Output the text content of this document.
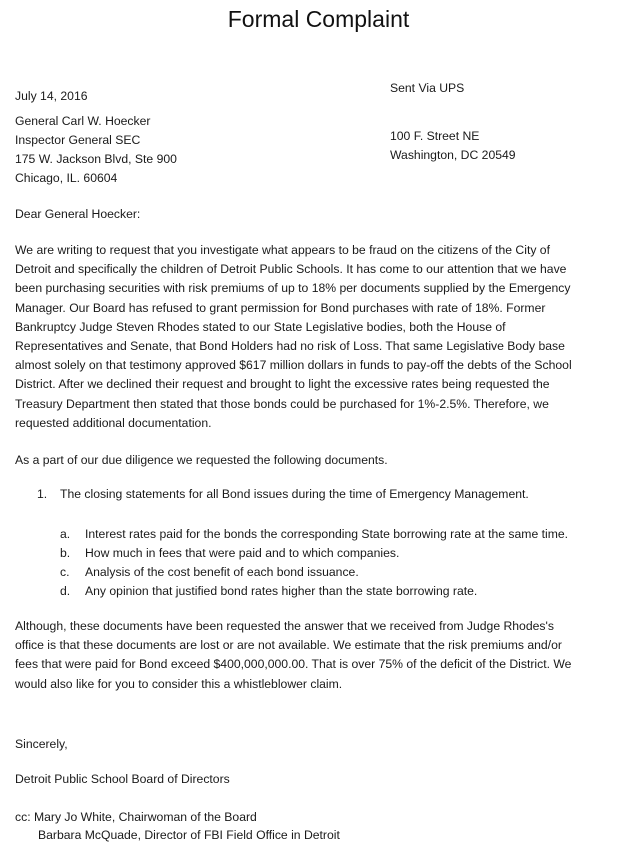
Formal Complaint
July 14, 2016
Sent Via UPS
General Carl W. Hoecker
Inspector General SEC
175 W. Jackson Blvd, Ste 900
Chicago, IL. 60604
100 F. Street NE
Washington, DC 20549
Dear General Hoecker:
We are writing to request that you investigate what appears to be fraud on the citizens of the City of
Detroit and specifically the children of Detroit Public Schools. It has come to our attention that we have
been purchasing securities with risk premiums of up to 18% per documents supplied by the Emergency
Manager. Our Board has refused to grant permission for Bond purchases with rate of 18%. Former
Bankruptcy Judge Steven Rhodes stated to our State Legislative bodies, both the House of
Representatives and Senate, that Bond Holders had no risk of Loss. That same Legislative Body base
almost solely on that testimony approved $617 million dollars in funds to pay-off the debts of the School
District. After we declined their request and brought to light the excessive rates being requested the
Treasury Department then stated that those bonds could be purchased for 1%-2.5%. Therefore, we
requested additional documentation.
As a part of our due diligence we requested the following documents.
1. The closing statements for all Bond issues during the time of Emergency Management.
a. Interest rates paid for the bonds the corresponding State borrowing rate at the same time.
b. How much in fees that were paid and to which companies.
c. Analysis of the cost benefit of each bond issuance.
d. Any opinion that justified bond rates higher than the state borrowing rate.
Although, these documents have been requested the answer that we received from Judge Rhodes's
office is that these documents are lost or are not available. We estimate that the risk premiums and/or
fees that were paid for Bond exceed $400,000,000.00. That is over 75% of the deficit of the District. We
would also like for you to consider this a whistleblower claim.
Sincerely,
Detroit Public School Board of Directors
cc: Mary Jo White, Chairwoman of the Board
Barbara McQuade, Director of FBI Field Office in Detroit
